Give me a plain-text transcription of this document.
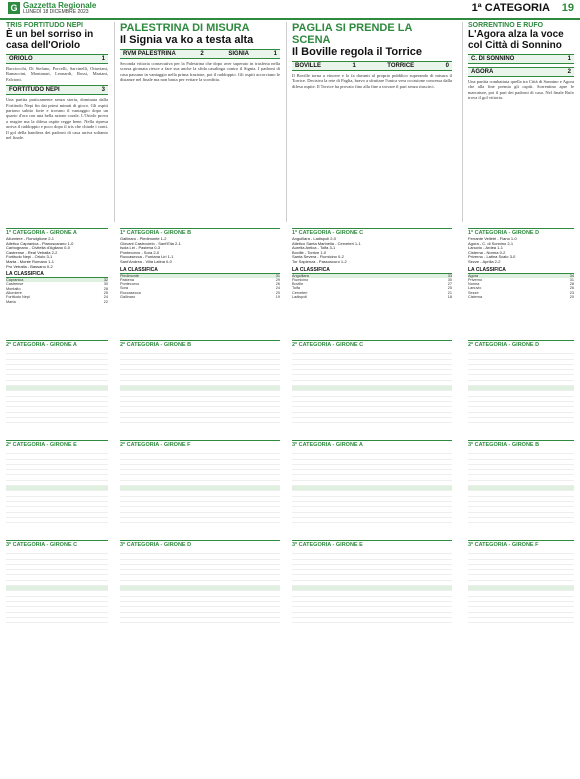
G Gazzetta Regionale
LUNEDÌ 18 DICEMBRE 2023	1ª CATEGORIA 19
TRIS FORTITUDO NEPI
È un bel sorriso in casa dell'Oriolo
ORIOLO	1
Bacciocchi, Di Stefano, Porcelli, Sarcinelli, Ottaviani, Ramaccini, Montanari, Leonardi, Rossi, Mariani, Falcioni.
FORTITUDO NEPI	3
Una partita praticamente senza storia, dominata dalla Fortitudo Nepi fin dai primi minuti di gioco. Gli ospiti partono subito forte e trovano il vantaggio dopo un quarto d'ora con una bella azione corale. L'Oriolo prova a reagire ma la difesa ospite regge bene. Nella ripresa arriva il raddoppio e poco dopo il tris che chiude i conti. Il gol della bandiera dei padroni di casa arriva soltanto nel finale.
PALESTRINA DI MISURA
Il Signia va ko a testa alta
RVM PALESTRINA	2	SIGNIA	1
Seconda vittoria consecutiva per la Palestrina che dopo aver superato in trasferta nella scorsa giornata riesce a fare sua anche la sfida casalinga contro il Signia. I padroni di casa passano in vantaggio nella prima frazione, poi il raddoppio. Gli ospiti accorciano le distanze nel finale ma non basta per evitare la sconfitta.
PAGLIA SI PRENDE LA SCENA
Il Boville regola il Torrice
BOVILLE	1	TORRICE	0
Il Boville torna a vincere e lo fa davanti al proprio pubblico superando di misura il Torrice. Decisiva la rete di Paglia, bravo a sfruttare l'unica vera occasione concessa dalla difesa ospite. Il Torrice ha provato fino alla fine a trovare il pari senza riuscirci.
SORRENTINO E RUFO
L'Agora alza la voce col Città di Sonnino
C. DI SONNINO	1
AGORA	2
Una partita combattuta quella tra Città di Sonnino e Agora che alla fine premia gli ospiti. Sorrentino apre le marcature, poi il pari dei padroni di casa. Nel finale Rufo trova il gol vittoria.
1ª CATEGORIA - GIRONE A
Allumiere - Ronciglione 2-1
Atletico Capranica - Pianoscarano 1-0
Carbognano - Civitella d'Agliano 0-0
Castrense - Real Vetralla 2-2
Fortitudo Nepi - Oriolo 3-1
Marta - Monte Romano 1-1
Pro Vetralla - Bassano 0-2
LA CLASSIFICA
Capranica	32
Castrense	30
Montalto	28
Allumiere	25
Fortitudo Nepi	24
Marta	22
1ª CATEGORIA - GIRONE B
Gallinaro - Piedimonte 1-2
Giovani Castrocielo - Sant'Elia 2-1
Isola Liri - Pastena 0-3
Pontecorvo - Sora 2-0
Roccasecca - Fontana Liri 1-1
Sant'Andrea - Villa Latina 0-0
LA CLASSIFICA
Piedimonte	31
Pastena	29
Pontecorvo	26
Sora	24
Roccasecca	20
Gallinaro	19
1ª CATEGORIA - GIRONE C
Anguillara - Ladispoli 2-0
Atletico Santa Marinella - Cerveteri 1-1
Aurelia Antica - Tolfa 3-1
Boville - Torrice 1-0
Santa Severa - Fiumicino 0-2
Tor Sapienza - Passoscuro 1-2
LA CLASSIFICA
Anguillara	33
Fiumicino	30
Boville	27
Tolfa	25
Cerveteri	21
Ladispoli	18
1ª CATEGORIA - GIRONE D
Ferrante Velletri - Fiano 1-0
Agora - C. di Sonnino 2-1
Lanuvio - Ardea 1-1
Cisterna - Norma 0-2
Priverno - Latina Scalo 3-0
Sezze - Aprilia 2-2
LA CLASSIFICA
Agora	34
Priverno	31
Norma	28
Lanuvio	26
Sezze	23
Cisterna	20
2ª CATEGORIA - GIRONE A

	2ª CATEGORIA - GIRONE B

	2ª CATEGORIA - GIRONE C

	2ª CATEGORIA - GIRONE D

2ª CATEGORIA - GIRONE E

	2ª CATEGORIA - GIRONE F

	3ª CATEGORIA - GIRONE A

	3ª CATEGORIA - GIRONE B

3ª CATEGORIA - GIRONE C

	3ª CATEGORIA - GIRONE D

	3ª CATEGORIA - GIRONE E

	3ª CATEGORIA - GIRONE F
